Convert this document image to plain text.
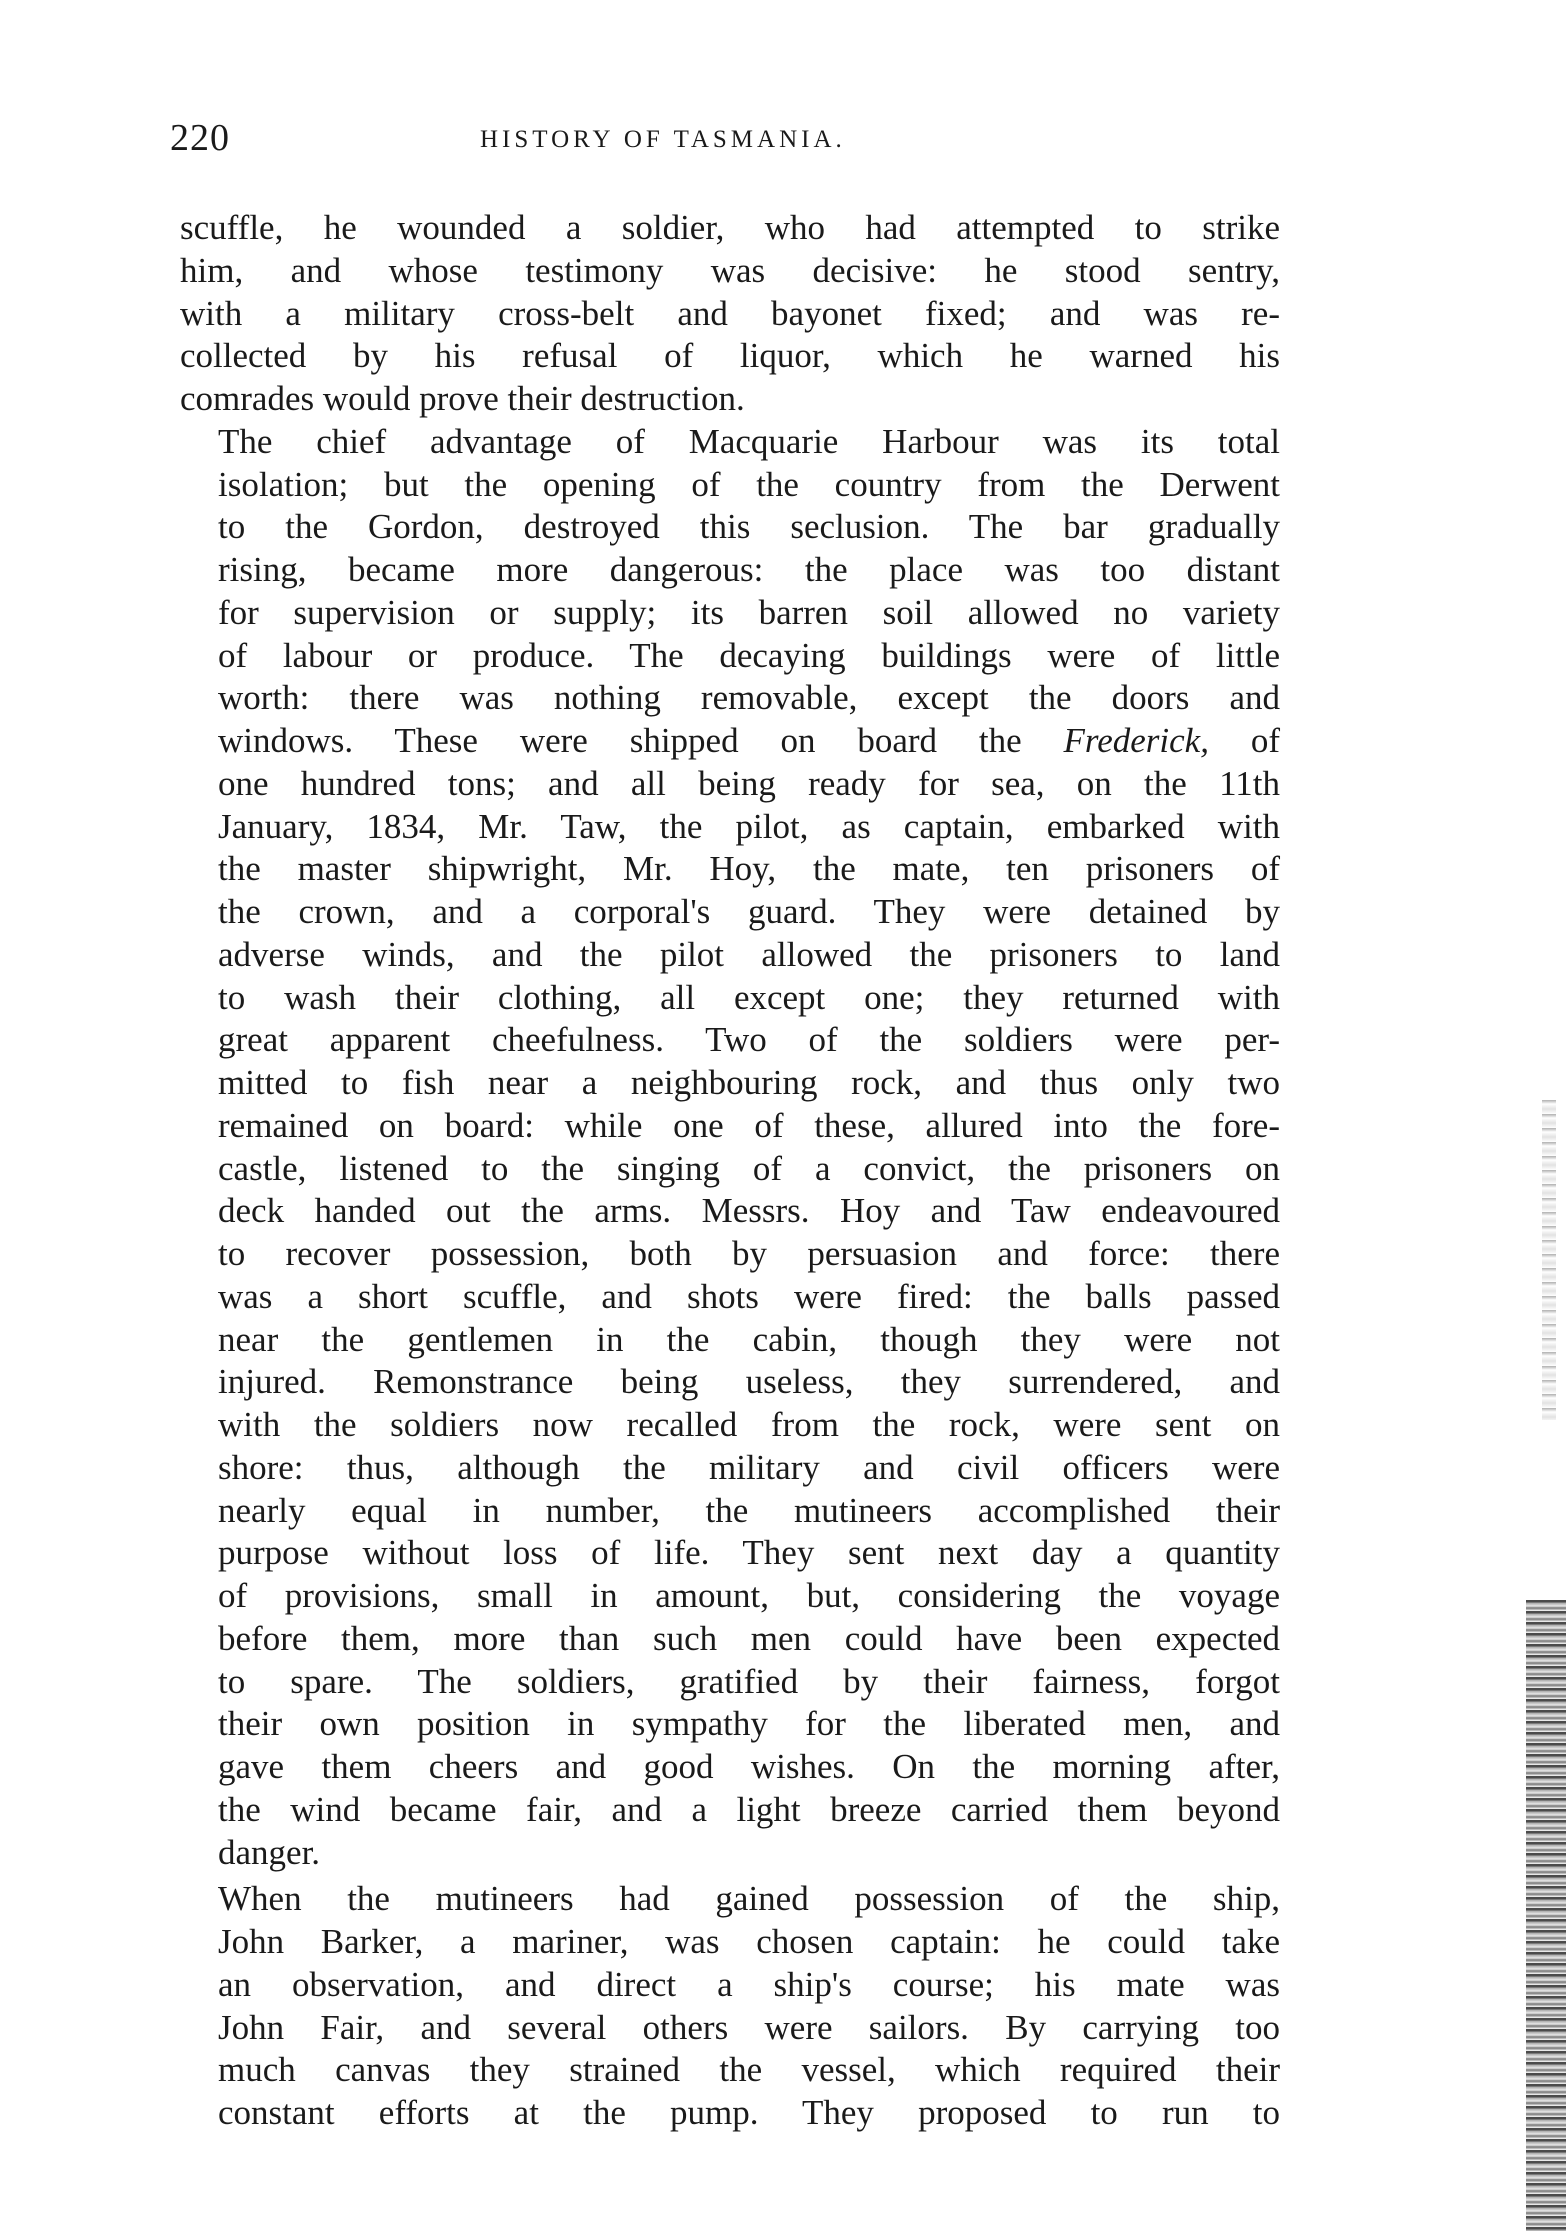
220	HISTORY OF TASMANIA.

scuffle, he wounded a soldier, who had attempted to strike
him, and whose testimony was decisive: he stood sentry,
with a military cross-belt and bayonet fixed; and was re-
collected by his refusal of liquor, which he warned his
comrades would prove their destruction.

The chief advantage of Macquarie Harbour was its total
isolation; but the opening of the country from the Derwent
to the Gordon, destroyed this seclusion. The bar gradually
rising, became more dangerous: the place was too distant
for supervision or supply; its barren soil allowed no variety
of labour or produce. The decaying buildings were of little
worth: there was nothing removable, except the doors and
windows. These were shipped on board the Frederick, of
one hundred tons; and all being ready for sea, on the 11th
January, 1834, Mr. Taw, the pilot, as captain, embarked with
the master shipwright, Mr. Hoy, the mate, ten prisoners of
the crown, and a corporal's guard. They were detained by
adverse winds, and the pilot allowed the prisoners to land
to wash their clothing, all except one; they returned with
great apparent cheefulness. Two of the soldiers were per-
mitted to fish near a neighbouring rock, and thus only two
remained on board: while one of these, allured into the fore-
castle, listened to the singing of a convict, the prisoners on
deck handed out the arms. Messrs. Hoy and Taw endeavoured
to recover possession, both by persuasion and force: there
was a short scuffle, and shots were fired: the balls passed
near the gentlemen in the cabin, though they were not
injured. Remonstrance being useless, they surrendered, and
with the soldiers now recalled from the rock, were sent on
shore: thus, although the military and civil officers were
nearly equal in number, the mutineers accomplished their
purpose without loss of life. They sent next day a quantity
of provisions, small in amount, but, considering the voyage
before them, more than such men could have been expected
to spare. The soldiers, gratified by their fairness, forgot
their own position in sympathy for the liberated men, and
gave them cheers and good wishes. On the morning after,
the wind became fair, and a light breeze carried them beyond
danger.

When the mutineers had gained possession of the ship,
John Barker, a mariner, was chosen captain: he could take
an observation, and direct a ship's course; his mate was
John Fair, and several others were sailors. By carrying too
much canvas they strained the vessel, which required their
constant efforts at the pump. They proposed to run to
